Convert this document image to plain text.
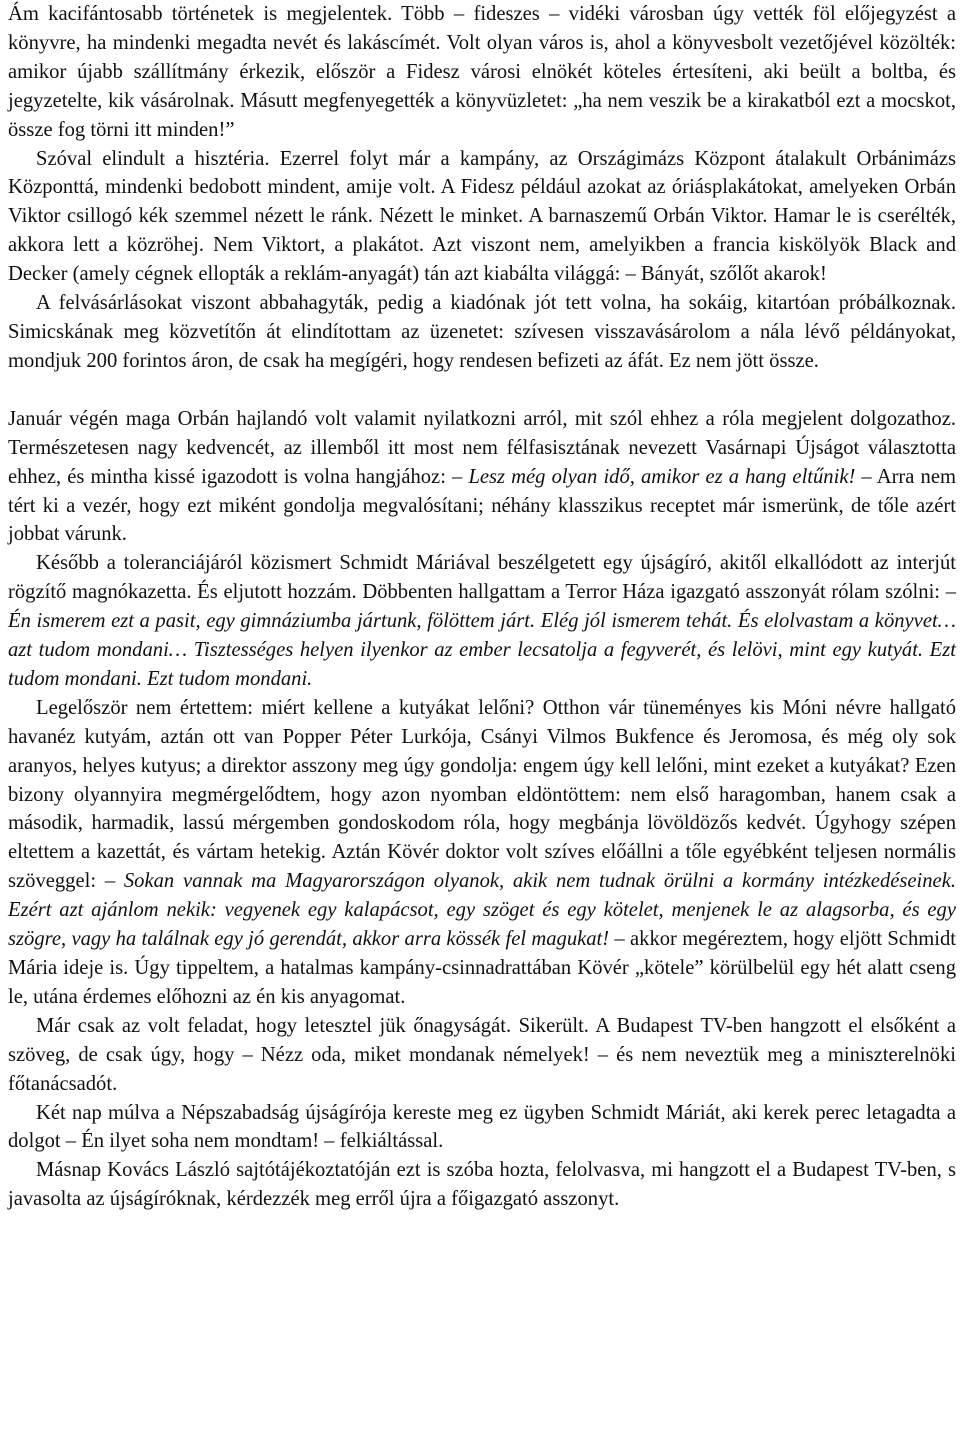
Ám kacifántosabb történetek is megjelentek. Több – fideszes – vidéki városban úgy vették föl előjegyzést a könyvre, ha mindenki megadta nevét és lakáscímét. Volt olyan város is, ahol a könyvesbolt vezetőjével közölték: amikor újabb szállítmány érkezik, először a Fidesz városi elnökét köteles értesíteni, aki beült a boltba, és jegyzetelte, kik vásárolnak. Másutt megfenyegették a könyvüzletet: „ha nem veszik be a kirakatból ezt a mocskot, össze fog törni itt minden!”

Szóval elindult a hisztéria. Ezerrel folyt már a kampány, az Országimázs Központ átalakult Orbánimázs Központtá, mindenki bedobott mindent, amije volt. A Fidesz például azokat az óriásplakátokat, amelyeken Orbán Viktor csillogó kék szemmel nézett le ránk. Nézett le minket. A barnaszemű Orbán Viktor. Hamar le is cserélték, akkora lett a közröhej. Nem Viktort, a plakátot. Azt viszont nem, amelyikben a francia kiskölyök Black and Decker (amely cégnek ellopták a reklám-anyagát) tán azt kiabálta világgá: – Bányát, szőlőt akarok!

A felvásárlásokat viszont abbahagyták, pedig a kiadónak jót tett volna, ha sokáig, kitartóan próbálkoznak. Simicskának meg közvetítőn át elindítottam az üzenetet: szívesen visszavásárolom a nála lévő példányokat, mondjuk 200 forintos áron, de csak ha megígéri, hogy rendesen befizeti az áfát. Ez nem jött össze.

Január végén maga Orbán hajlandó volt valamit nyilatkozni arról, mit szól ehhez a róla megjelent dolgozathoz. Természetesen nagy kedvencét, az illemből itt most nem félfasisztának nevezett Vasárnapi Újságot választotta ehhez, és mintha kissé igazodott is volna hangjához: – Lesz még olyan idő, amikor ez a hang eltűnik! – Arra nem tért ki a vezér, hogy ezt miként gondolja megvalósítani; néhány klasszikus receptet már ismerünk, de tőle azért jobbat várunk.

Később a toleranciájáról közismert Schmidt Máriával beszélgetett egy újságíró, akitől elkallódott az interjút rögzítő magnókazetta. És eljutott hozzám. Döbbenten hallgattam a Terror Háza igazgató asszonyát rólam szólni: – Én ismerem ezt a pasit, egy gimnáziumba jártunk, fölöttem járt. Elég jól ismerem tehát. És elolvastam a könyvet… azt tudom mondani… Tisztességes helyen ilyenkor az ember lecsatolja a fegyverét, és lelövi, mint egy kutyát. Ezt tudom mondani. Ezt tudom mondani.

Legelőször nem értettem: miért kellene a kutyákat lelőni? Otthon vár tüneményes kis Móni névre hallgató havanéz kutyám, aztán ott van Popper Péter Lurkója, Csányi Vilmos Bukfence és Jeromosa, és még oly sok aranyos, helyes kutyus; a direktor asszony meg úgy gondolja: engem úgy kell lelőni, mint ezeket a kutyákat? Ezen bizony olyannyira megmérgelődtem, hogy azon nyomban eldöntöttem: nem első haragomban, hanem csak a második, harmadik, lassú mérgemben gondoskodom róla, hogy megbánja lövöldözős kedvét. Úgyhogy szépen eltettem a kazettát, és vártam hetekig. Aztán Kövér doktor volt szíves előállni a tőle egyébként teljesen normális szöveggel: – Sokan vannak ma Magyarországon olyanok, akik nem tudnak örülni a kormány intézkedéseinek. Ezért azt ajánlom nekik: vegyenek egy kalapácsot, egy szöget és egy kötelet, menjenek le az alagsorba, és egy szögre, vagy ha találnak egy jó gerendát, akkor arra kössék fel magukat! – akkor megéreztem, hogy eljött Schmidt Mária ideje is. Úgy tippeltem, a hatalmas kampány-csinnadrattában Kövér „kötele” körülbelül egy hét alatt cseng le, utána érdemes előhozni az én kis anyagomat.

Már csak az volt feladat, hogy letesztel jük őnagyságát. Sikerült. A Budapest TV-ben hangzott el elsőként a szöveg, de csak úgy, hogy – Nézz oda, miket mondanak némelyek! – és nem neveztük meg a miniszterelnöki főtanácsadót.

Két nap múlva a Népszabadság újságírója kereste meg ez ügyben Schmidt Máriát, aki kerek perec letagadta a dolgot – Én ilyet soha nem mondtam! – felkiáltással.

Másnap Kovács László sajtótájékoztatóján ezt is szóba hozta, felolvasva, mi hangzott el a Budapest TV-ben, s javasolta az újságíróknak, kérdezzék meg erről újra a főigazgató asszonyt.
